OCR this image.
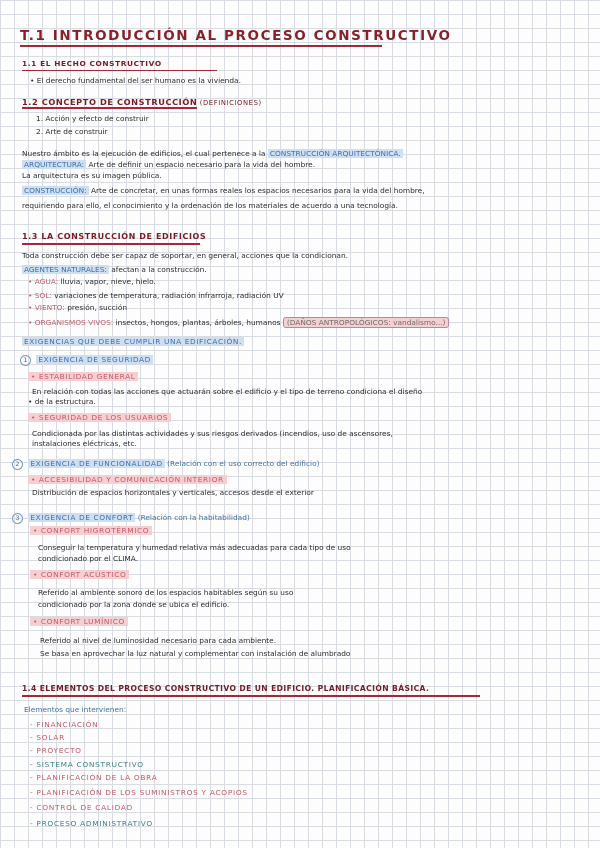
T.1 INTRODUCCIÓN AL PROCESO CONSTRUCTIVO
1.1 EL HECHO CONSTRUCTIVO
• El derecho fundamental del ser humano es la vivienda.
1.2 CONCEPTO DE CONSTRUCCIÓN (DEFINICIONES)
1. Acción y efecto de construir
2. Arte de construir
Nuestro ámbito es la ejecución de edificios, el cual pertenece a la CONSTRUCCIÓN ARQUITECTÓNICA.
ARQUITECTURA: Arte de definir un espacio necesario para la vida del hombre.
La arquitectura es su imagen pública.
CONSTRUCCIÓN: Arte de concretar, en unas formas reales los espacios necesarios para la vida del hombre,
requiriendo para ello, el conocimiento y la ordenación de los materiales de acuerdo a una tecnología.
1.3 LA CONSTRUCCIÓN DE EDIFICIOS
Toda construcción debe ser capaz de soportar, en general, acciones que la condicionan.
AGENTES NATURALES: afectan a la construcción.
• AGUA: lluvia, vapor, nieve, hielo.
• SOL: variaciones de temperatura, radiación infrarroja, radiación UV
• VIENTO: presión, succión
• ORGANISMOS VIVOS: insectos, hongos, plantas, árboles, humanos (DAÑOS ANTROPOLÓGICOS: vandalismo...)
EXIGENCIAS QUE DEBE CUMPLIR UNA EDIFICACIÓN.
1 EXIGENCIA DE SEGURIDAD
• ESTABILIDAD GENERAL
En relación con todas las acciones que actuarán sobre el edificio y el tipo de terreno condiciona el diseño
• de la estructura.
• SEGURIDAD DE LOS USUARIOS
Condicionada por las distintas actividades y sus riesgos derivados (incendios, uso de ascensores,
instalaciones eléctricas, etc.
2 EXIGENCIA DE FUNCIONALIDAD (Relación con el uso correcto del edificio)
• ACCESIBILIDAD Y COMUNICACIÓN INTERIOR
Distribución de espacios horizontales y verticales, accesos desde el exterior
3 EXIGENCIA DE CONFORT (Relación con la habitabilidad)
• CONFORT HIGROTÉRMICO
Conseguir la temperatura y humedad relativa más adecuadas para cada tipo de uso
condicionado por el CLIMA.
• CONFORT ACÚSTICO
Referido al ambiente sonoro de los espacios habitables según su uso
condicionado por la zona donde se ubica el edificio.
• CONFORT LUMÍNICO
Referido al nivel de luminosidad necesario para cada ambiente.
Se basa en aprovechar la luz natural y complementar con instalación de alumbrado
1.4 ELEMENTOS DEL PROCESO CONSTRUCTIVO DE UN EDIFICIO. PLANIFICACIÓN BÁSICA.
Elementos que intervienen:
- FINANCIACIÓN
- SOLAR
- PROYECTO
- SISTEMA CONSTRUCTIVO
- PLANIFICACIÓN DE LA OBRA
- PLANIFICACIÓN DE LOS SUMINISTROS Y ACOPIOS
- CONTROL DE CALIDAD
- PROCESO ADMINISTRATIVO
